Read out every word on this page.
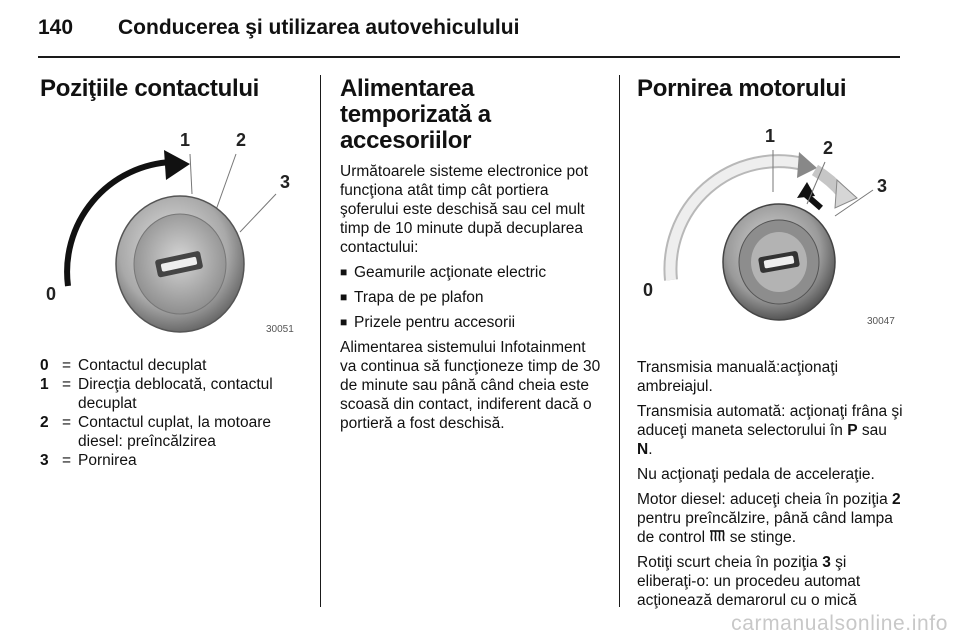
140 Conducerea şi utilizarea autovehiculului
Poziţiile contactului
0
1	2
3
30051
0 = Contactul decuplat
1 = Direcţia deblocată, contactul decuplat
2 = Contactul cuplat, la motoare diesel: preîncălzirea
3 = Pornirea
Alimentarea temporizată a accesoriilor

Următoarele sisteme electronice pot funcţiona atât timp cât portiera şoferului este deschisă sau cel mult timp de 10 minute după decuplarea contactului:

■ Geamurile acţionate electric
■ Trapa de pe plafon
■ Prizele pentru accesorii

Alimentarea sistemului Infotainment va continua să funcţioneze timp de 30 de minute sau până când cheia este scoasă din contact, indiferent dacă o portieră a fost deschisă.

Pornirea motorului
0
1
2
3
30047

Transmisia manuală:acţionaţi ambreiajul.

Transmisia automată: acţionaţi frâna şi aduceţi maneta selectorului în P sau N.

Nu acţionaţi pedala de acceleraţie.

Motor diesel: aduceţi cheia în poziţia 2 pentru preîncălzire, până când lampa de control  se stinge.

Rotiţi scurt cheia în poziţia 3 şi eliberaţi-o: un procedeu automat acţionează demarorul cu o mică

carmanualsonline.info
